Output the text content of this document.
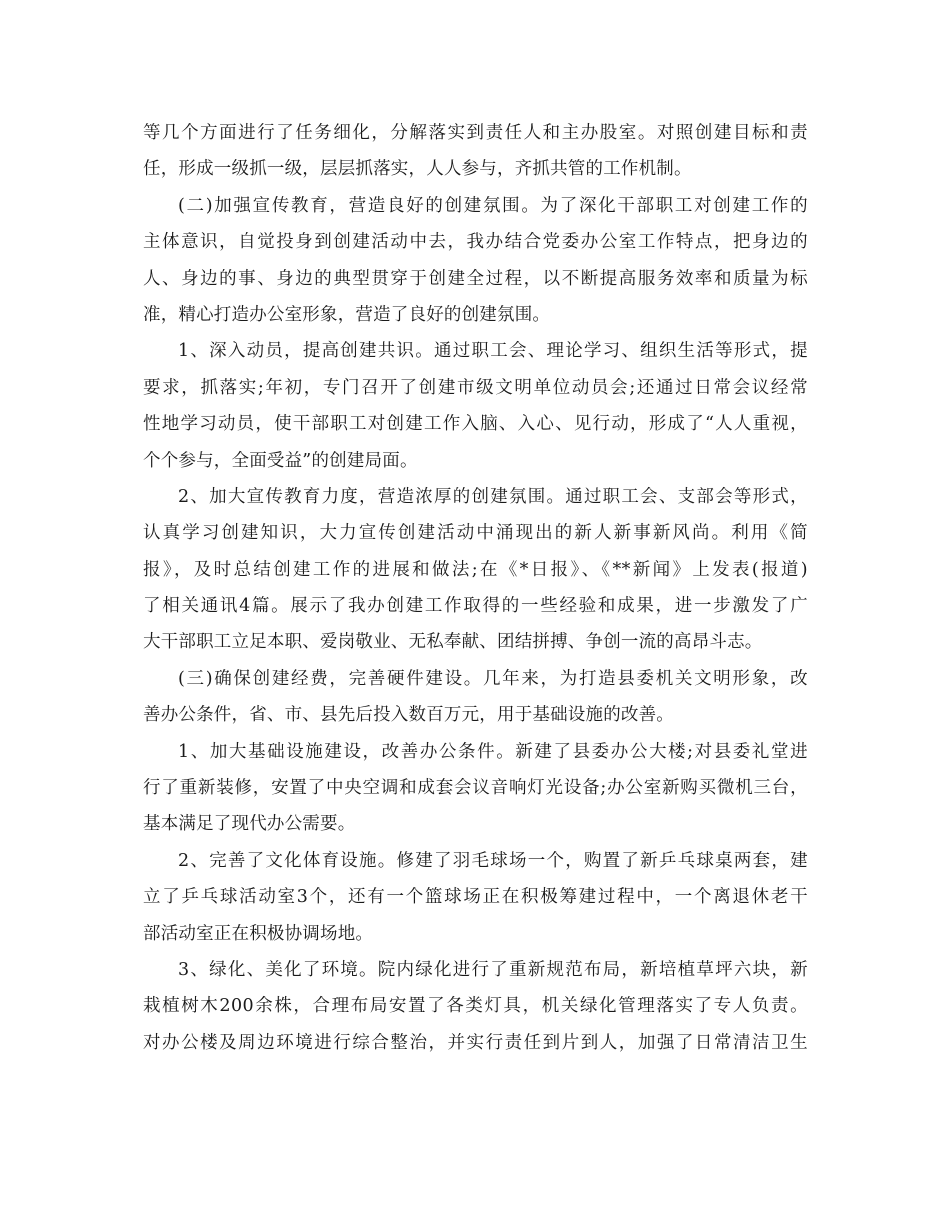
等几个方面进行了任务细化，分解落实到责任人和主办股室。对照创建目标和责
任，形成一级抓一级，层层抓落实，人人参与，齐抓共管的工作机制。
(二)加强宣传教育，营造良好的创建氛围。为了深化干部职工对创建工作的
主体意识，自觉投身到创建活动中去，我办结合党委办公室工作特点，把身边的
人、身边的事、身边的典型贯穿于创建全过程，以不断提高服务效率和质量为标
准，精心打造办公室形象，营造了良好的创建氛围。
1、深入动员，提高创建共识。通过职工会、理论学习、组织生活等形式，提
要求，抓落实;年初，专门召开了创建市级文明单位动员会;还通过日常会议经常
性地学习动员，使干部职工对创建工作入脑、入心、见行动，形成了“人人重视，
个个参与，全面受益”的创建局面。
2、加大宣传教育力度，营造浓厚的创建氛围。通过职工会、支部会等形式，
认真学习创建知识，大力宣传创建活动中涌现出的新人新事新风尚。利用《简
报》，及时总结创建工作的进展和做法;在《*日报》、《**新闻》上发表(报道)
了相关通讯4篇。展示了我办创建工作取得的一些经验和成果，进一步激发了广
大干部职工立足本职、爱岗敬业、无私奉献、团结拼搏、争创一流的高昂斗志。
(三)确保创建经费，完善硬件建设。几年来，为打造县委机关文明形象，改
善办公条件，省、市、县先后投入数百万元，用于基础设施的改善。
1、加大基础设施建设，改善办公条件。新建了县委办公大楼;对县委礼堂进
行了重新装修，安置了中央空调和成套会议音响灯光设备;办公室新购买微机三台，
基本满足了现代办公需要。
2、完善了文化体育设施。修建了羽毛球场一个，购置了新乒乓球桌两套，建
立了乒乓球活动室3个，还有一个篮球场正在积极筹建过程中，一个离退休老干
部活动室正在积极协调场地。
3、绿化、美化了环境。院内绿化进行了重新规范布局，新培植草坪六块，新
栽植树木200余株，合理布局安置了各类灯具，机关绿化管理落实了专人负责。
对办公楼及周边环境进行综合整治，并实行责任到片到人，加强了日常清洁卫生
